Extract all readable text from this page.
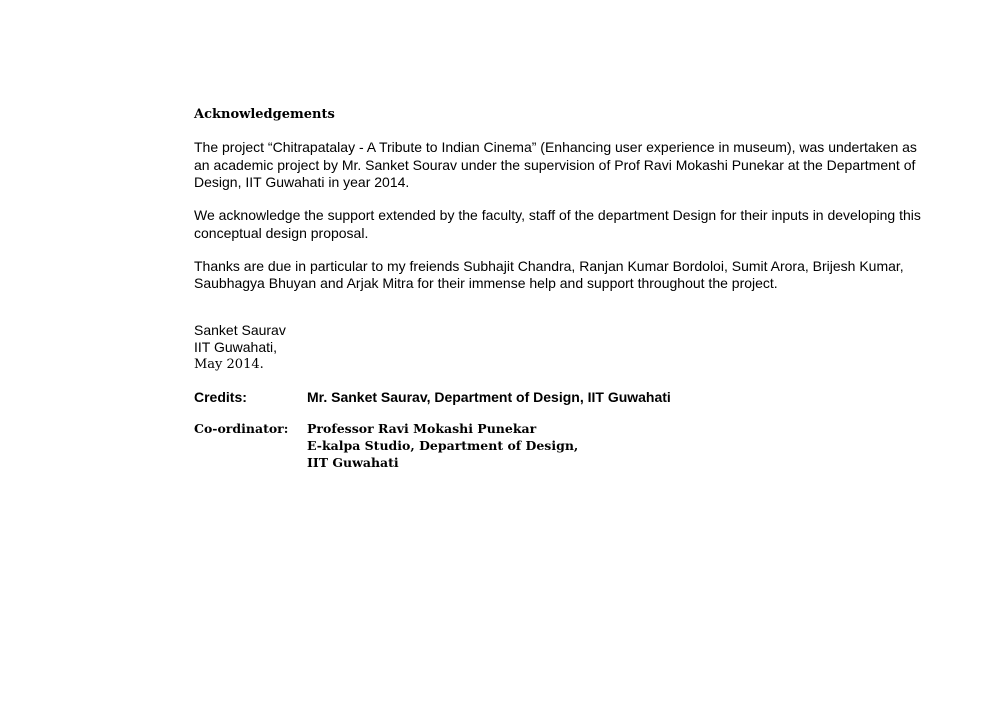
Acknowledgements

The project “Chitrapatalay - A Tribute to Indian Cinema” (Enhancing user experience in museum), was undertaken as an academic project by Mr. Sanket Sourav under the supervision of Prof Ravi Mokashi Punekar at the Department of Design, IIT Guwahati in year 2014.

We acknowledge the support extended by the faculty, staff of the department Design for their inputs in developing this conceptual design proposal.

Thanks are due in particular to my freiends Subhajit Chandra, Ranjan Kumar Bordoloi, Sumit Arora, Brijesh Kumar, Saubhagya Bhuyan and Arjak Mitra for their immense help and support throughout the project.

Sanket Saurav
IIT Guwahati,
May 2014.
Credits:	Mr. Sanket Saurav, Department of Design, IIT Guwahati
Co-ordinator:	Professor Ravi Mokashi Punekar
E-kalpa Studio, Department of Design,
IIT Guwahati
